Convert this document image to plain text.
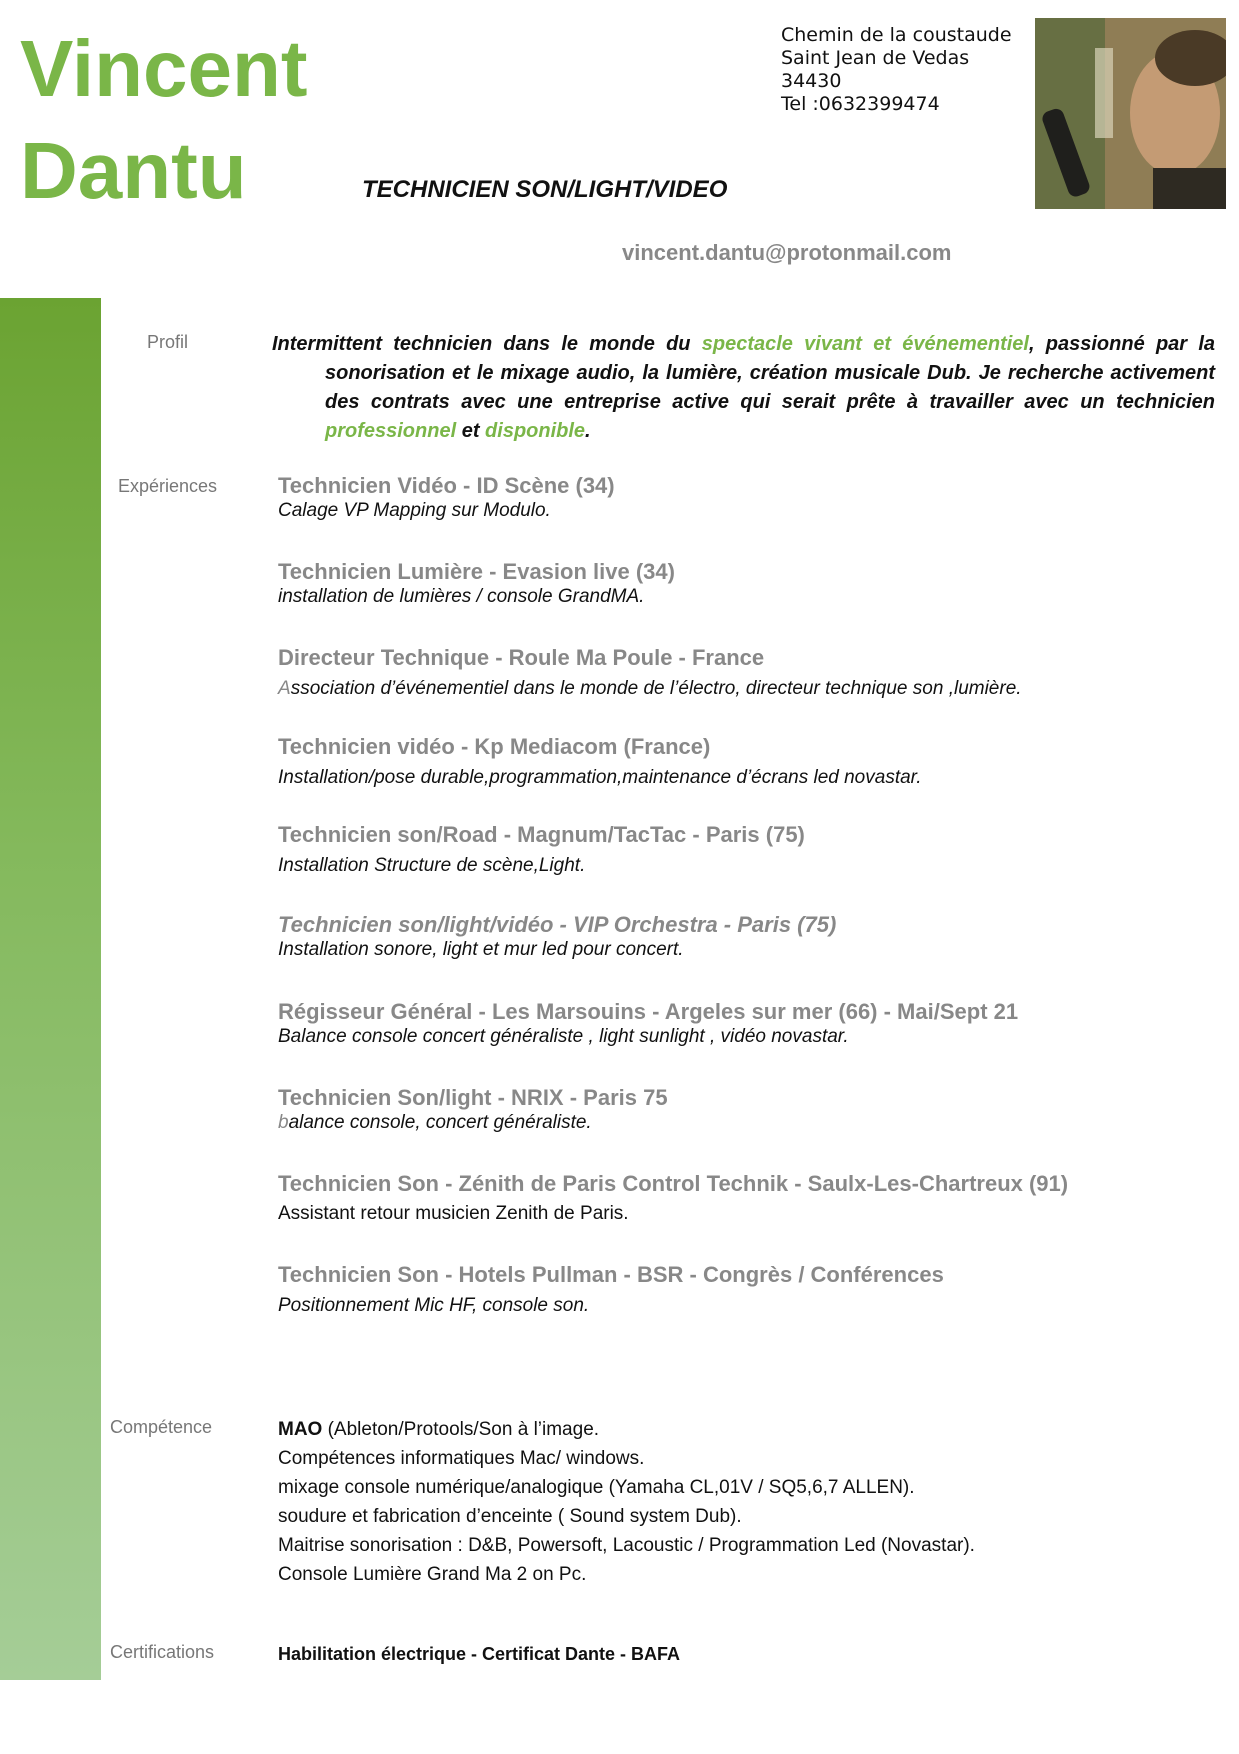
Vincent
Dantu	TECHNICIEN SON/LIGHT/VIDEO
Chemin de la coustaude
Saint Jean de Vedas
34430
Tel :0632399474
vincent.dantu@protonmail.com
Profil
Expériences
Compétence
Certifications
Intermittent technicien dans le monde du spectacle vivant et événementiel, passionné par la sonorisation et le mixage audio, la lumière, création musicale Dub. Je recherche activement des contrats avec une entreprise active qui serait prête à travailler avec un technicien professionnel et disponible.
Technicien Vidéo - ID Scène (34)
Calage VP Mapping sur Modulo.
Technicien Lumière - Evasion live (34)
installation de lumières / console GrandMA.
Directeur Technique - Roule Ma Poule - France
Association d’événementiel dans le monde de l’électro, directeur technique son ,lumière.
Technicien vidéo - Kp Mediacom (France)
Installation/pose durable,programmation,maintenance d’écrans led novastar.
Technicien son/Road - Magnum/TacTac - Paris (75)
Installation Structure de scène,Light.
Technicien son/light/vidéo - VIP Orchestra - Paris (75)
Installation sonore, light et mur led pour concert.
Régisseur Général - Les Marsouins - Argeles sur mer (66) - Mai/Sept 21
Balance console concert généraliste , light sunlight , vidéo novastar.
Technicien Son/light - NRIX - Paris 75
balance console, concert généraliste.
Technicien Son - Zénith de Paris Control Technik - Saulx-Les-Chartreux (91)
Assistant retour musicien Zenith de Paris.
Technicien Son - Hotels Pullman - BSR - Congrès / Conférences
Positionnement Mic HF, console son.
MAO (Ableton/Protools/Son à l’image.
Compétences informatiques Mac/ windows.
mixage console numérique/analogique (Yamaha CL,01V / SQ5,6,7 ALLEN).
soudure et fabrication d’enceinte ( Sound system Dub).
Maitrise sonorisation : D&B, Powersoft, Lacoustic / Programmation Led (Novastar).
Console Lumière Grand Ma 2 on Pc.
Habilitation électrique - Certificat Dante - BAFA
